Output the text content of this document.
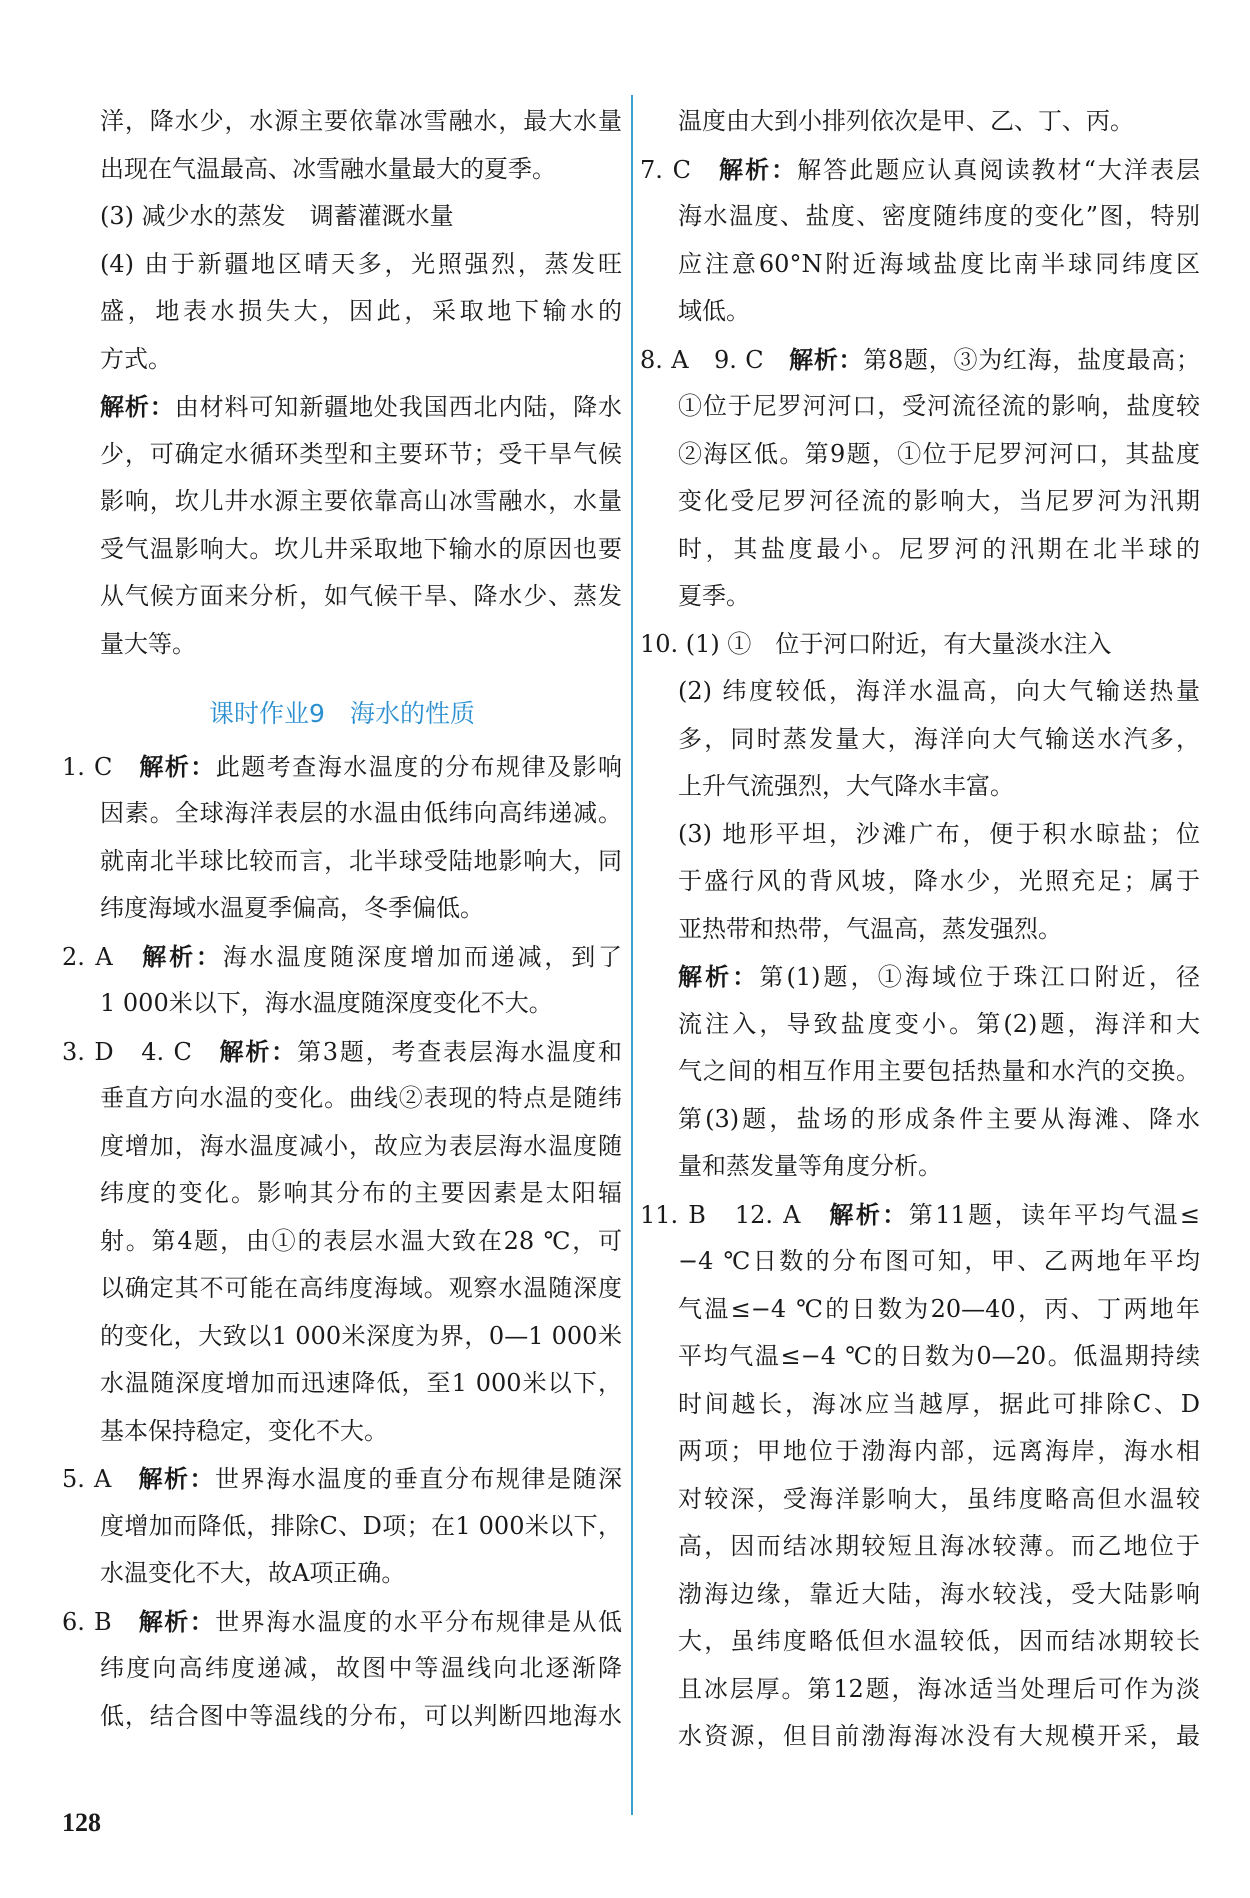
洋，降水少，水源主要依靠冰雪融水，最大水量
出现在气温最高、冰雪融水量最大的夏季。
(3) 减少水的蒸发　调蓄灌溉水量
(4) 由于新疆地区晴天多，光照强烈，蒸发旺
盛，地表水损失大，因此，采取地下输水的
方式。
解析：由材料可知新疆地处我国西北内陆，降水
少，可确定水循环类型和主要环节；受干旱气候
影响，坎儿井水源主要依靠高山冰雪融水，水量
受气温影响大。坎儿井采取地下输水的原因也要
从气候方面来分析，如气候干旱、降水少、蒸发
量大等。
课时作业9　海水的性质
1. C　 解析：此题考查海水温度的分布规律及影响
因素。全球海洋表层的水温由低纬向高纬递减。
就南北半球比较而言，北半球受陆地影响大，同
纬度海域水温夏季偏高，冬季偏低。
2. A　 解析：海水温度随深度增加而递减，到了
1 000米以下，海水温度随深度变化不大。
3. D　4. C　 解析：第3题，考查表层海水温度和
垂直方向水温的变化。曲线②表现的特点是随纬
度增加，海水温度减小，故应为表层海水温度随
纬度的变化。影响其分布的主要因素是太阳辐
射。第4题，由①的表层水温大致在28 ℃，可
以确定其不可能在高纬度海域。观察水温随深度
的变化，大致以1 000米深度为界，0—1 000米
水温随深度增加而迅速降低，至1 000米以下，
基本保持稳定，变化不大。
5. A　 解析：世界海水温度的垂直分布规律是随深
度增加而降低，排除C、D项；在1 000米以下，
水温变化不大，故A项正确。
6. B　 解析：世界海水温度的水平分布规律是从低
纬度向高纬度递减，故图中等温线向北逐渐降
低，结合图中等温线的分布，可以判断四地海水
温度由大到小排列依次是甲、乙、丁、丙。
7. C　 解析：解答此题应认真阅读教材“大洋表层
海水温度、盐度、密度随纬度的变化”图，特别
应注意60°N附近海域盐度比南半球同纬度区
域低。
8. A　9. C　 解析：第8题，③为红海，盐度最高；
①位于尼罗河河口，受河流径流的影响，盐度较
②海区低。第9题，①位于尼罗河河口，其盐度
变化受尼罗河径流的影响大，当尼罗河为汛期
时，其盐度最小。尼罗河的汛期在北半球的
夏季。
10. (1) ①　位于河口附近，有大量淡水注入
(2) 纬度较低，海洋水温高，向大气输送热量
多，同时蒸发量大，海洋向大气输送水汽多，
上升气流强烈，大气降水丰富。
(3) 地形平坦，沙滩广布，便于积水晾盐；位
于盛行风的背风坡，降水少，光照充足；属于
亚热带和热带，气温高，蒸发强烈。
解析：第(1)题，①海域位于珠江口附近，径
流注入，导致盐度变小。第(2)题，海洋和大
气之间的相互作用主要包括热量和水汽的交换。
第(3)题，盐场的形成条件主要从海滩、降水
量和蒸发量等角度分析。
11. B　12. A　 解析：第11题，读年平均气温≤
−4 ℃日数的分布图可知，甲、乙两地年平均
气温≤−4 ℃的日数为20—40，丙、丁两地年
平均气温≤−4 ℃的日数为0—20。低温期持续
时间越长，海冰应当越厚，据此可排除C、D
两项；甲地位于渤海内部，远离海岸，海水相
对较深，受海洋影响大，虽纬度略高但水温较
高，因而结冰期较短且海冰较薄。而乙地位于
渤海边缘，靠近大陆，海水较浅，受大陆影响
大，虽纬度略低但水温较低，因而结冰期较长
且冰层厚。第12题，海冰适当处理后可作为淡
水资源，但目前渤海海冰没有大规模开采，最
128
